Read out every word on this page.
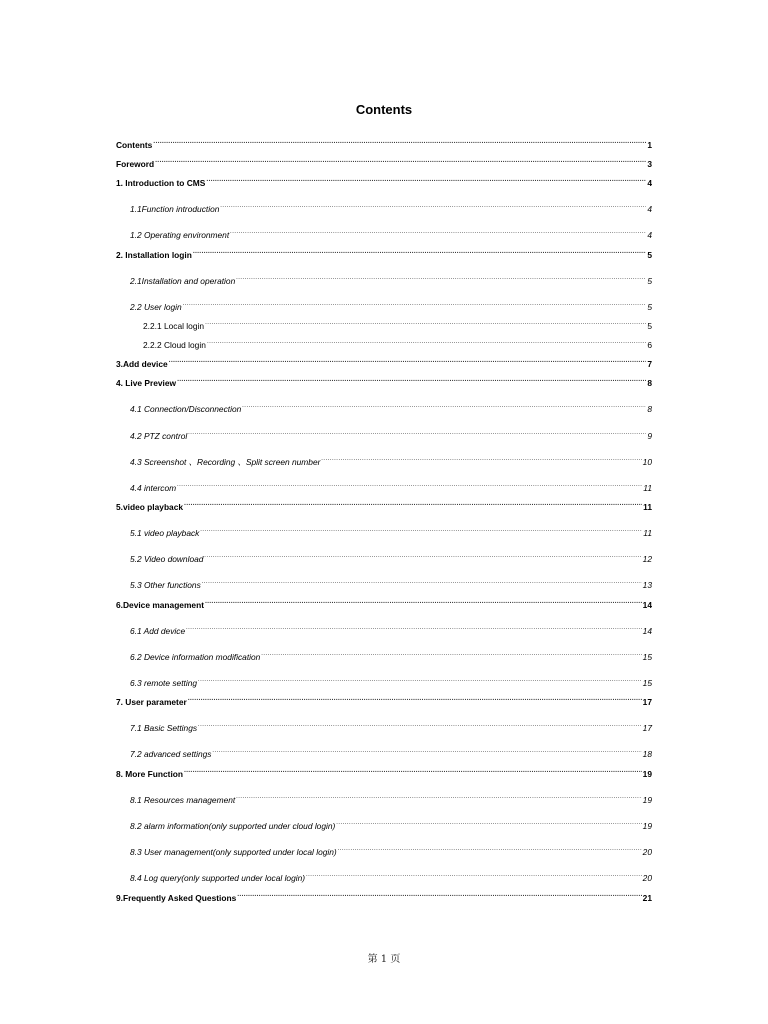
Contents
Contents .....	1
Foreword .....	3
1. Introduction to CMS .....	4
1.1Function introduction .....	4
1.2 Operating environment .....	4
2. Installation login .....	5
2.1Installation and operation .....	5
2.2 User login .....	5
2.2.1 Local login .....	5
2.2.2 Cloud login .....	6
3.Add device .....	7
4. Live Preview .....	8
4.1 Connection/Disconnection .....	8
4.2 PTZ control .....	9
4.3 Screenshot 、Recording 、Split screen number .....	10
4.4 intercom .....	11
5.video playback .....	11
5.1 video playback .....	11
5.2 Video download .....	12
5.3 Other functions .....	13
6.Device management .....	14
6.1 Add device .....	14
6.2 Device information modification .....	15
6.3 remote setting .....	15
7. User parameter .....	17
7.1 Basic Settings .....	17
7.2 advanced settings .....	18
8. More Function .....	19
8.1 Resources management .....	19
8.2 alarm information(only supported under cloud login) .....	19
8.3 User management(only supported under local login) .....	20
8.4 Log query(only supported under local login) .....	20
9.Frequently Asked Questions .....	21
第 1 页
